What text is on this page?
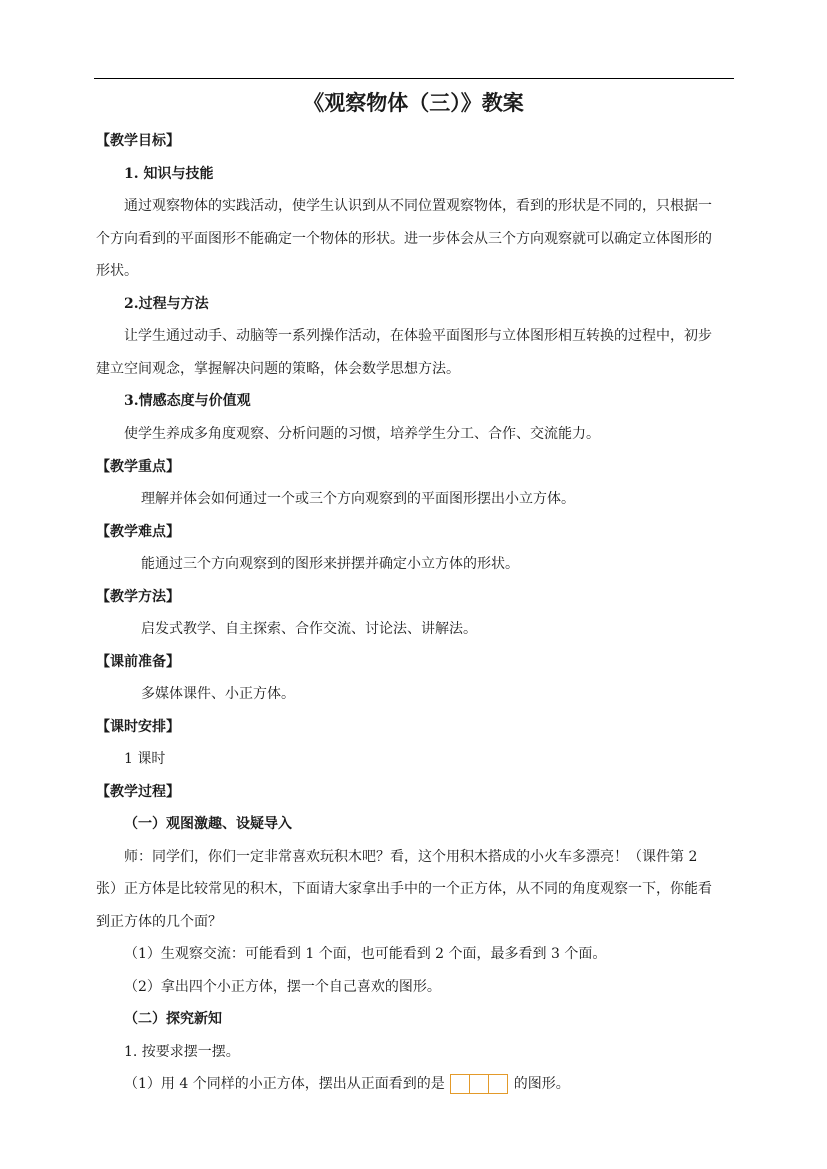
《观察物体（三）》教案
【教学目标】
1. 知识与技能
通过观察物体的实践活动，使学生认识到从不同位置观察物体，看到的形状是不同的，只根据一
个方向看到的平面图形不能确定一个物体的形状。进一步体会从三个方向观察就可以确定立体图形的
形状。
2.过程与方法
让学生通过动手、动脑等一系列操作活动，在体验平面图形与立体图形相互转换的过程中，初步
建立空间观念，掌握解决问题的策略，体会数学思想方法。
3.情感态度与价值观
使学生养成多角度观察、分析问题的习惯，培养学生分工、合作、交流能力。
【教学重点】
理解并体会如何通过一个或三个方向观察到的平面图形摆出小立方体。
【教学难点】
能通过三个方向观察到的图形来拼摆并确定小立方体的形状。
【教学方法】
启发式教学、自主探索、合作交流、讨论法、讲解法。
【课前准备】
多媒体课件、小正方体。
【课时安排】
1 课时
【教学过程】
（一）观图激趣、设疑导入
师：同学们，你们一定非常喜欢玩积木吧？看，这个用积木搭成的小火车多漂亮！（课件第 2
张）正方体是比较常见的积木，下面请大家拿出手中的一个正方体，从不同的角度观察一下，你能看
到正方体的几个面？
（1）生观察交流：可能看到 1 个面，也可能看到 2 个面，最多看到 3 个面。
（2）拿出四个小正方体，摆一个自己喜欢的图形。
（二）探究新知
1. 按要求摆一摆。
（1）用 4 个同样的小正方体，摆出从正面看到的是	的图形。
